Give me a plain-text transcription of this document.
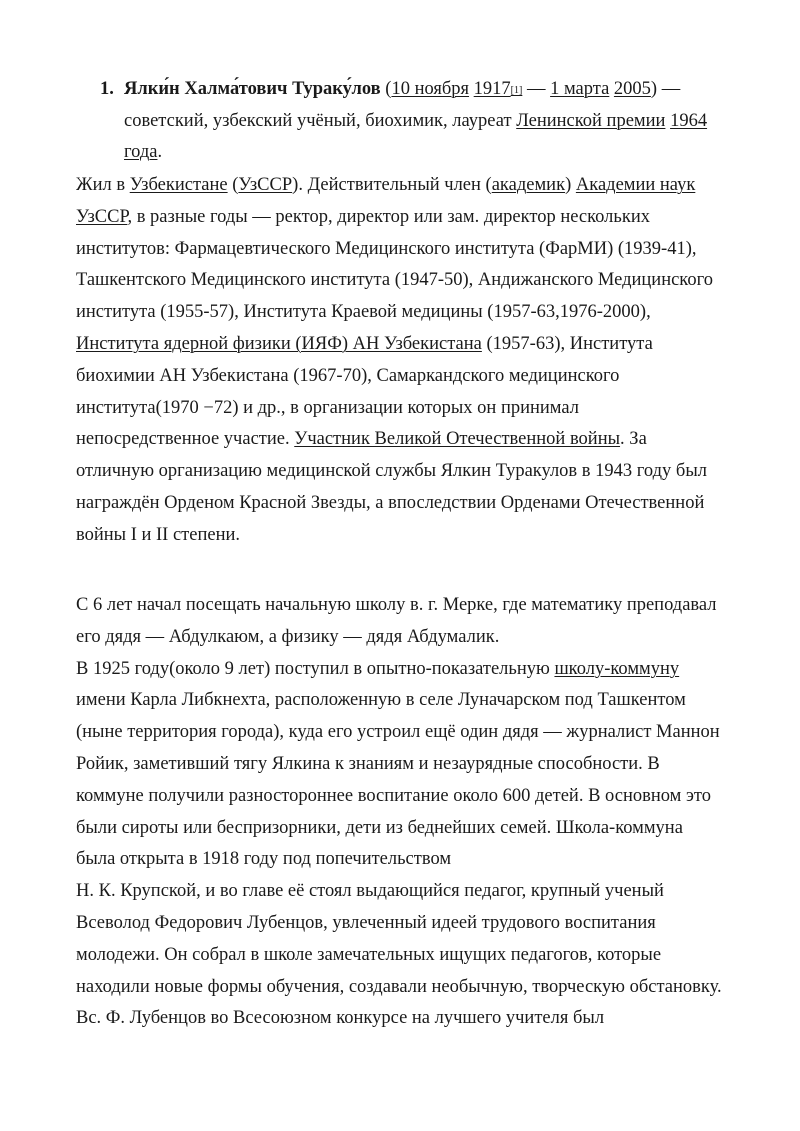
1. Ялки́н Халма́тович Турaку́лов (10 ноября 1917[1] — 1 марта 2005) — советский, узбекский учёный, биохимик, лауреат Ленинской премии 1964 года.
Жил в Узбекистане (УзССР). Действительный член (академик) Академии наук УзССР, в разные годы — ректор, директор или зам. директор нескольких институтов: Фармацевтического Медицинского института (ФарМИ) (1939-41), Ташкентского Медицинского института (1947-50), Андижанского Медицинского института (1955-57), Института Краевой медицины (1957-63,1976-2000), Института ядерной физики (ИЯФ) АН Узбекистана (1957-63), Института биохимии АН Узбекистана (1967-70), Самаркандского медицинского института(1970 −72) и др., в организации которых он принимал непосредственное участие. Участник Великой Отечественной войны. За отличную организацию медицинской службы Ялкин Туракулов в 1943 году был награждён Орденом Красной Звезды, а впоследствии Орденами Отечественной войны I и II степени.
С 6 лет начал посещать начальную школу в. г. Мерке, где математику преподавал его дядя — Абдулкаюм, а физику — дядя Абдумалик.
В 1925 году(около 9 лет) поступил в опытно-показательную школу-коммуну имени Карла Либкнехта, расположенную в селе Луначарском под Ташкентом (ныне территория города), куда его устроил ещё один дядя — журналист Маннон Ройик, заметивший тягу Ялкина к знаниям и незаурядные способности. В коммуне получили разностороннее воспитание около 600 детей. В основном это были сироты или беспризорники, дети из беднейших семей. Школа-коммуна была открыта в 1918 году под попечительством
Н. К. Крупской, и во главе её стоял выдающийся педагог, крупный ученый Всеволод Федорович Лубенцов, увлеченный идеей трудового воспитания молодежи. Он собрал в школе замечательных ищущих педагогов, которые находили новые формы обучения, создавали необычную, творческую обстановку. Вс. Ф. Лубенцов во Всесоюзном конкурсе на лучшего учителя был
